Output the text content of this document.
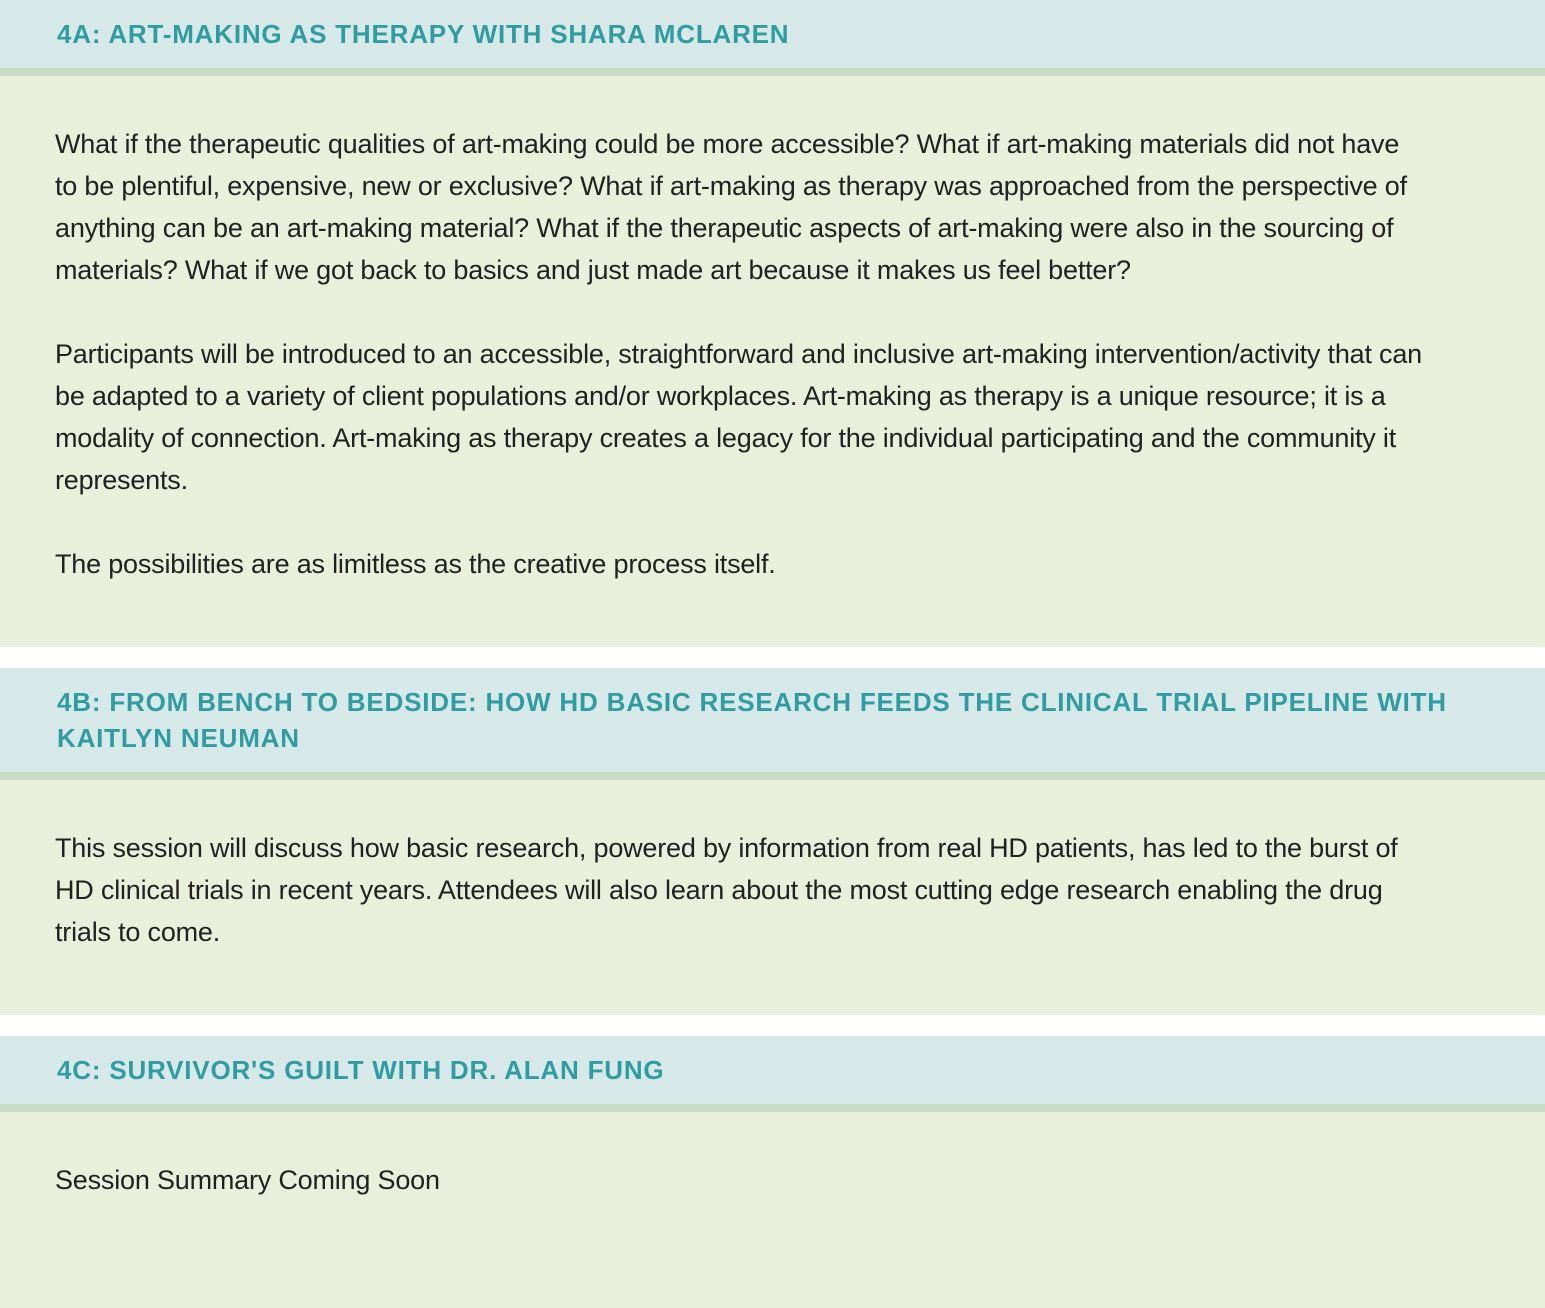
4A: ART-MAKING AS THERAPY WITH SHARA MCLAREN

What if the therapeutic qualities of art-making could be more accessible? What if art-making materials did not have to be plentiful, expensive, new or exclusive? What if art-making as therapy was approached from the perspective of anything can be an art-making material? What if the therapeutic aspects of art-making were also in the sourcing of materials? What if we got back to basics and just made art because it makes us feel better?

Participants will be introduced to an accessible, straightforward and inclusive art-making intervention/activity that can be adapted to a variety of client populations and/or workplaces. Art-making as therapy is a unique resource; it is a modality of connection. Art-making as therapy creates a legacy for the individual participating and the community it represents.

The possibilities are as limitless as the creative process itself.

4B: FROM BENCH TO BEDSIDE: HOW HD BASIC RESEARCH FEEDS THE CLINICAL TRIAL PIPELINE WITH KAITLYN NEUMAN

This session will discuss how basic research, powered by information from real HD patients, has led to the burst of HD clinical trials in recent years. Attendees will also learn about the most cutting edge research enabling the drug trials to come.

4C: SURVIVOR'S GUILT WITH DR. ALAN FUNG

Session Summary Coming Soon
